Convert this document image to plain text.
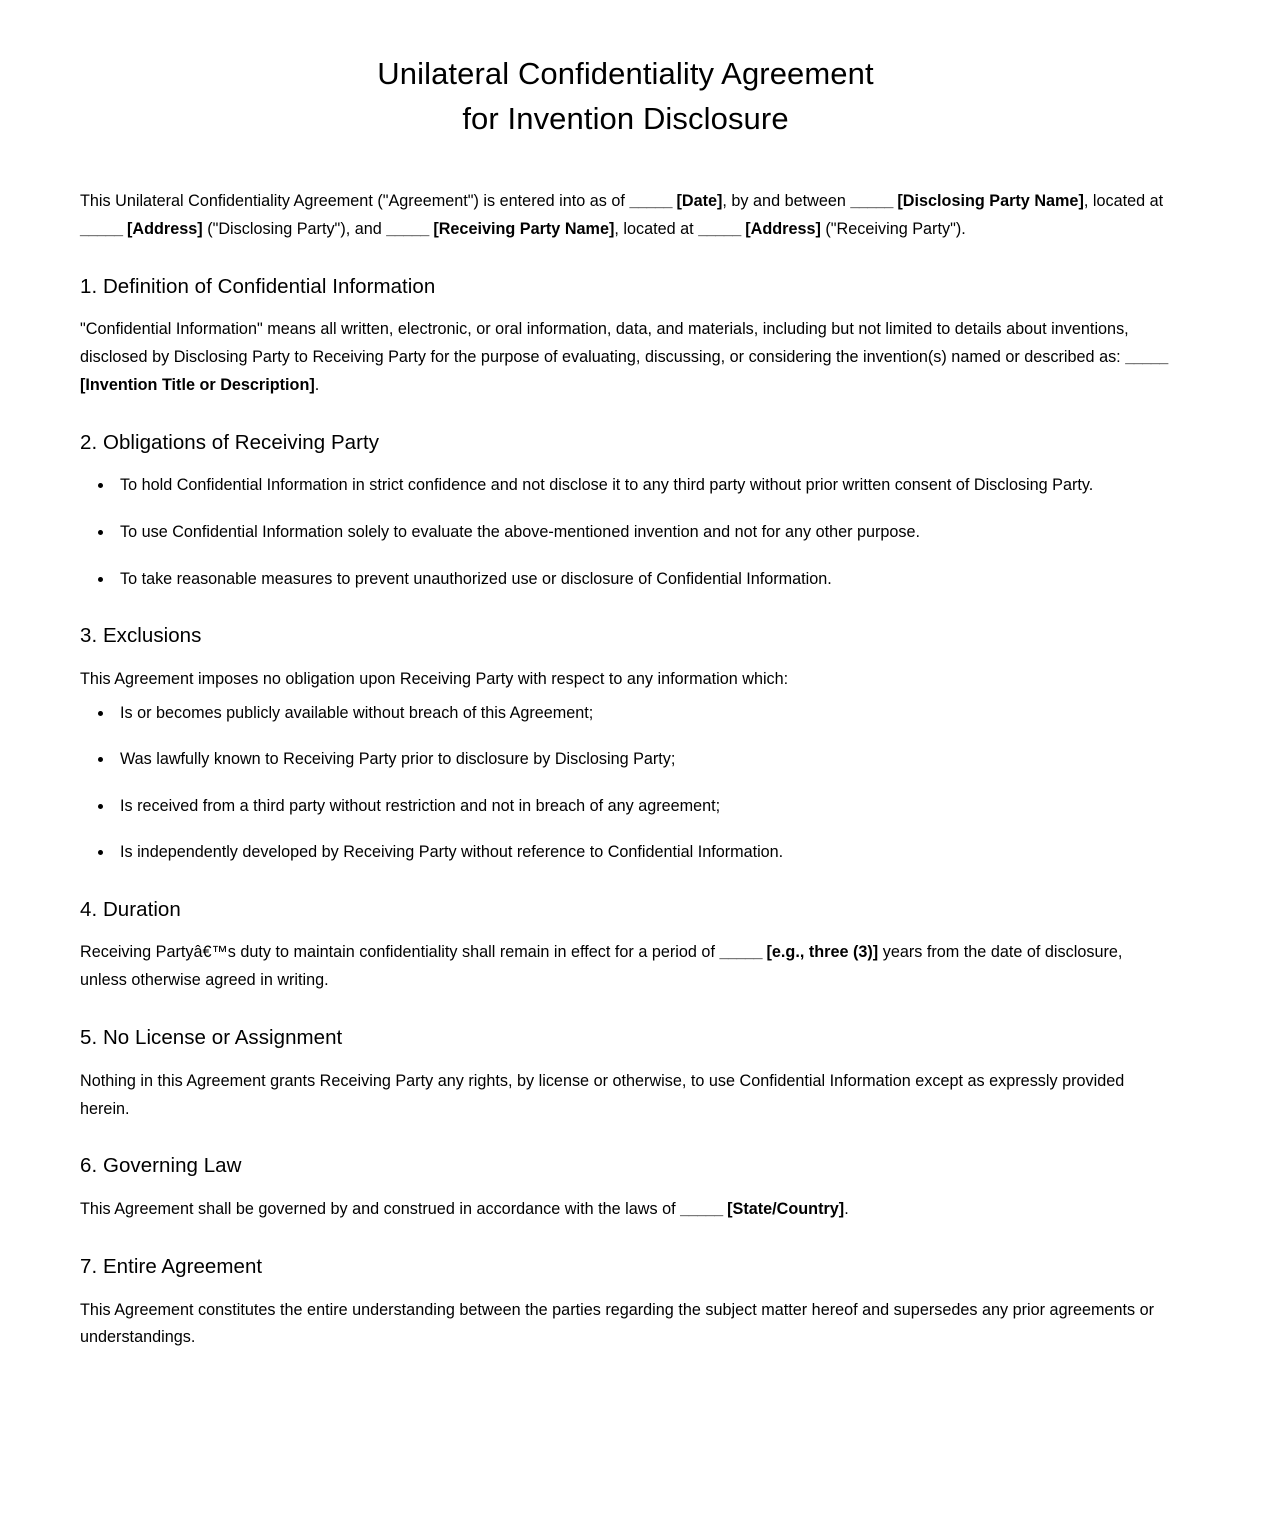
Unilateral Confidentiality Agreement
for Invention Disclosure

This Unilateral Confidentiality Agreement ("Agreement") is entered into as of _____ [Date], by and between _____ [Disclosing Party Name], located at _____ [Address] ("Disclosing Party"), and _____ [Receiving Party Name], located at _____ [Address] ("Receiving Party").

1. Definition of Confidential Information

"Confidential Information" means all written, electronic, or oral information, data, and materials, including but not limited to details about inventions, disclosed by Disclosing Party to Receiving Party for the purpose of evaluating, discussing, or considering the invention(s) named or described as: _____ [Invention Title or Description].

2. Obligations of Receiving Party
• To hold Confidential Information in strict confidence and not disclose it to any third party without prior written consent of Disclosing Party.
• To use Confidential Information solely to evaluate the above-mentioned invention and not for any other purpose.
• To take reasonable measures to prevent unauthorized use or disclosure of Confidential Information.
3. Exclusions

This Agreement imposes no obligation upon Receiving Party with respect to any information which:

• Is or becomes publicly available without breach of this Agreement;
• Was lawfully known to Receiving Party prior to disclosure by Disclosing Party;
• Is received from a third party without restriction and not in breach of any agreement;
• Is independently developed by Receiving Party without reference to Confidential Information.
4. Duration

Receiving Partyâ€™s duty to maintain confidentiality shall remain in effect for a period of _____ [e.g., three (3)] years from the date of disclosure, unless otherwise agreed in writing.

5. No License or Assignment

Nothing in this Agreement grants Receiving Party any rights, by license or otherwise, to use Confidential Information except as expressly provided herein.

6. Governing Law

This Agreement shall be governed by and construed in accordance with the laws of _____ [State/Country].

7. Entire Agreement

This Agreement constitutes the entire understanding between the parties regarding the subject matter hereof and supersedes any prior agreements or understandings.
